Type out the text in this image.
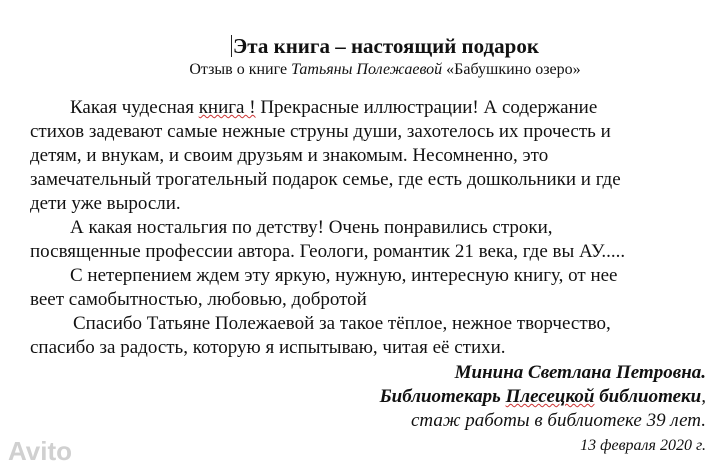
Эта книга – настоящий подарок
Отзыв о книге Татьяны Полежаевой «Бабушкино озеро»
Какая чудесная книга ! Прекрасные иллюстрации! А содержание
стихов задевают самые нежные струны души, захотелось их прочесть и
детям, и внукам, и своим друзьям и знакомым. Несомненно, это
замечательный трогательный подарок семье, где есть дошкольники и где
дети уже выросли.
А какая ностальгия по детству! Очень понравились строки,
посвященные профессии автора. Геологи, романтик 21 века, где вы АУ.....
С нетерпением ждем эту яркую, нужную, интересную книгу, от нее
веет самобытностью, любовью, добротой
Спасибо Татьяне Полежаевой за такое тёплое, нежное творчество,
спасибо за радость, которую я испытываю, читая её стихи.
Минина Светлана Петровна.
Библиотекарь Плесецкой библиотеки,
стаж работы в библиотеке 39 лет.
13 февраля 2020 г.
Avito
